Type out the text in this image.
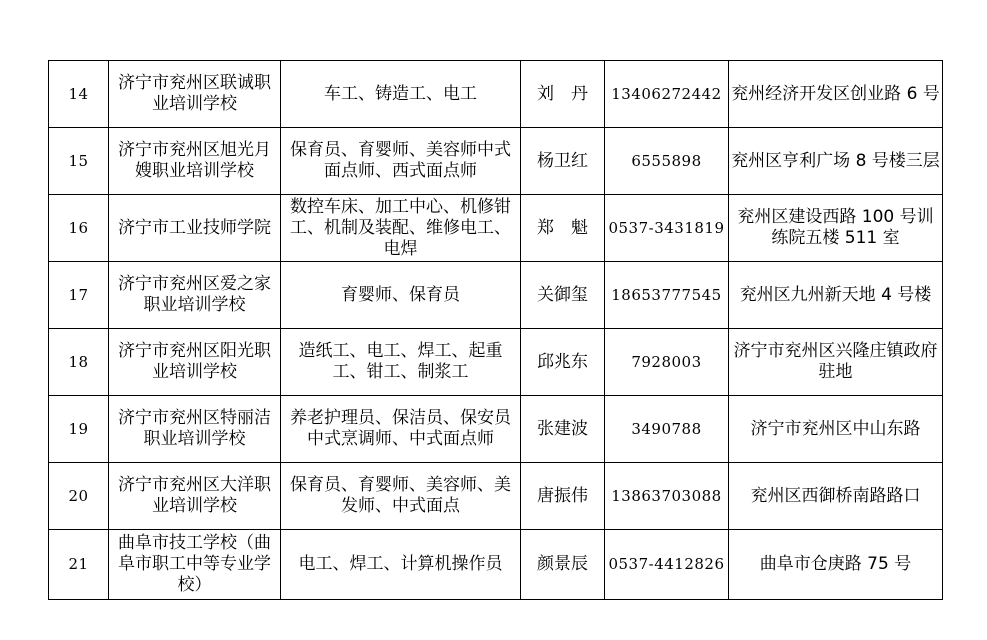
14	济宁市兖州区联诚职业培训学校	车工、铸造工、电工	刘　丹	13406272442	兖州经济开发区创业路 6 号
15	济宁市兖州区旭光月嫂职业培训学校	保育员、育婴师、美容师中式面点师、西式面点师	杨卫红	6555898	兖州区亨利广场 8 号楼三层
16	济宁市工业技师学院	数控车床、加工中心、机修钳工、机制及装配、维修电工、电焊	郑　魁	0537-3431819	兖州区建设西路 100 号训练院五楼 511 室
17	济宁市兖州区爱之家职业培训学校	育婴师、保育员	关御玺	18653777545	兖州区九州新天地 4 号楼
18	济宁市兖州区阳光职业培训学校	造纸工、电工、焊工、起重工、钳工、制浆工	邱兆东	7928003	济宁市兖州区兴隆庄镇政府驻地
19	济宁市兖州区特丽洁职业培训学校	养老护理员、保洁员、保安员中式烹调师、中式面点师	张建波	3490788	济宁市兖州区中山东路
20	济宁市兖州区大洋职业培训学校	保育员、育婴师、美容师、美发师、中式面点	唐振伟	13863703088	兖州区西御桥南路路口
21	曲阜市技工学校（曲阜市职工中等专业学校）	电工、焊工、计算机操作员	颜景辰	0537-4412826	曲阜市仓庚路 75 号
